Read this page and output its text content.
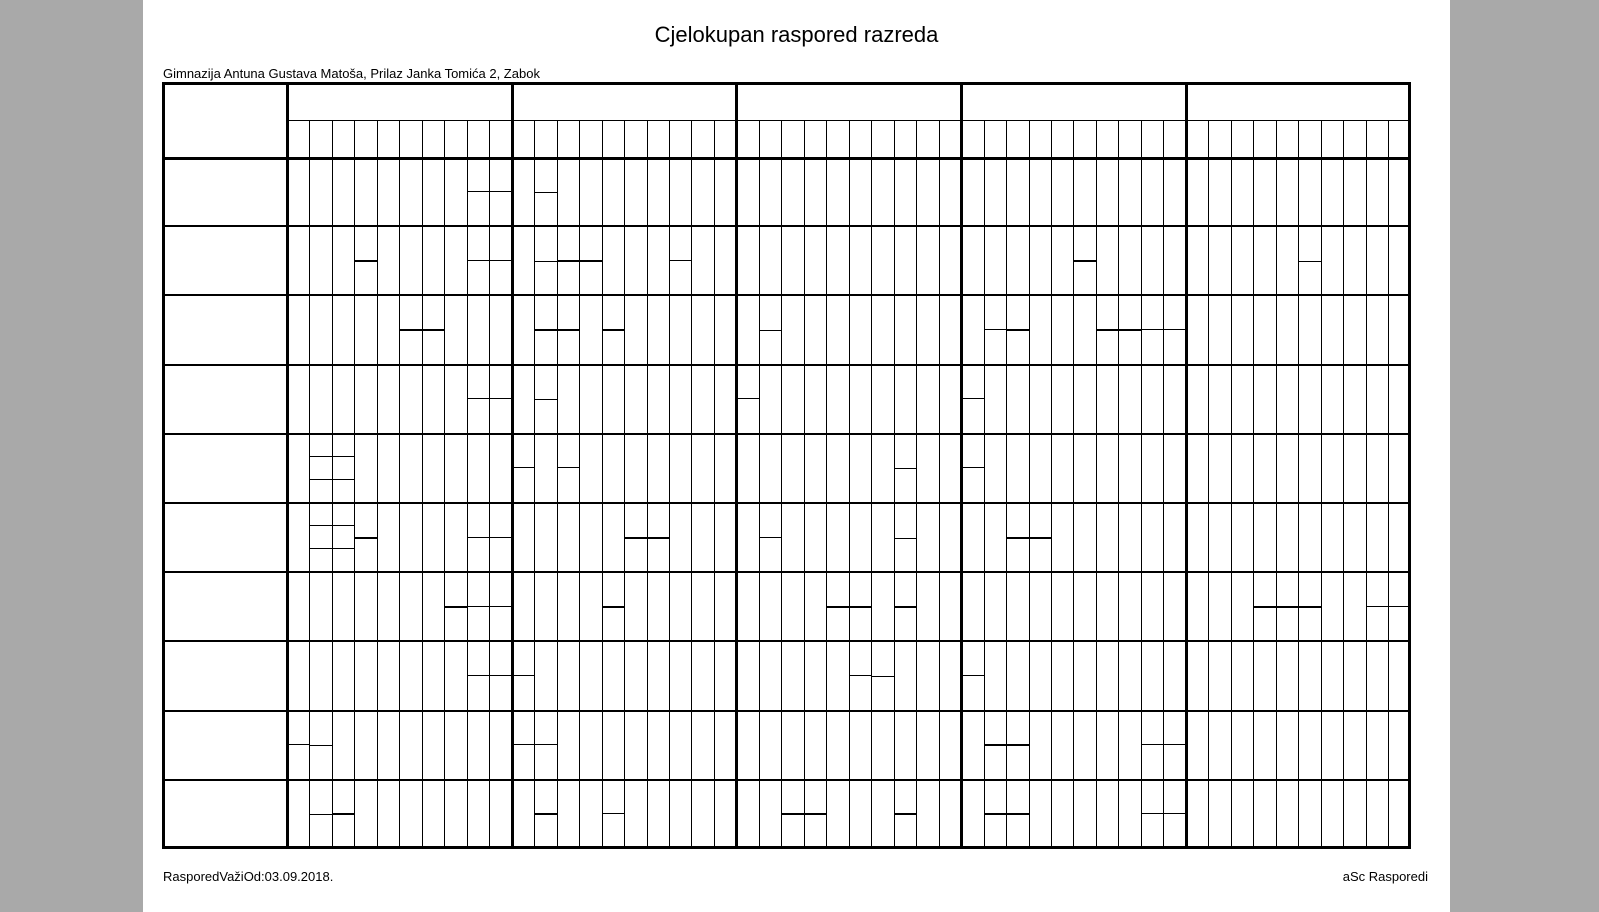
Cjelokupan raspored razreda
Gimnazija Antuna Gustava Matoša, Prilaz Janka Tomića 2, Zabok
RasporedVažiOd:03.09.2018.	aSc Rasporedi
